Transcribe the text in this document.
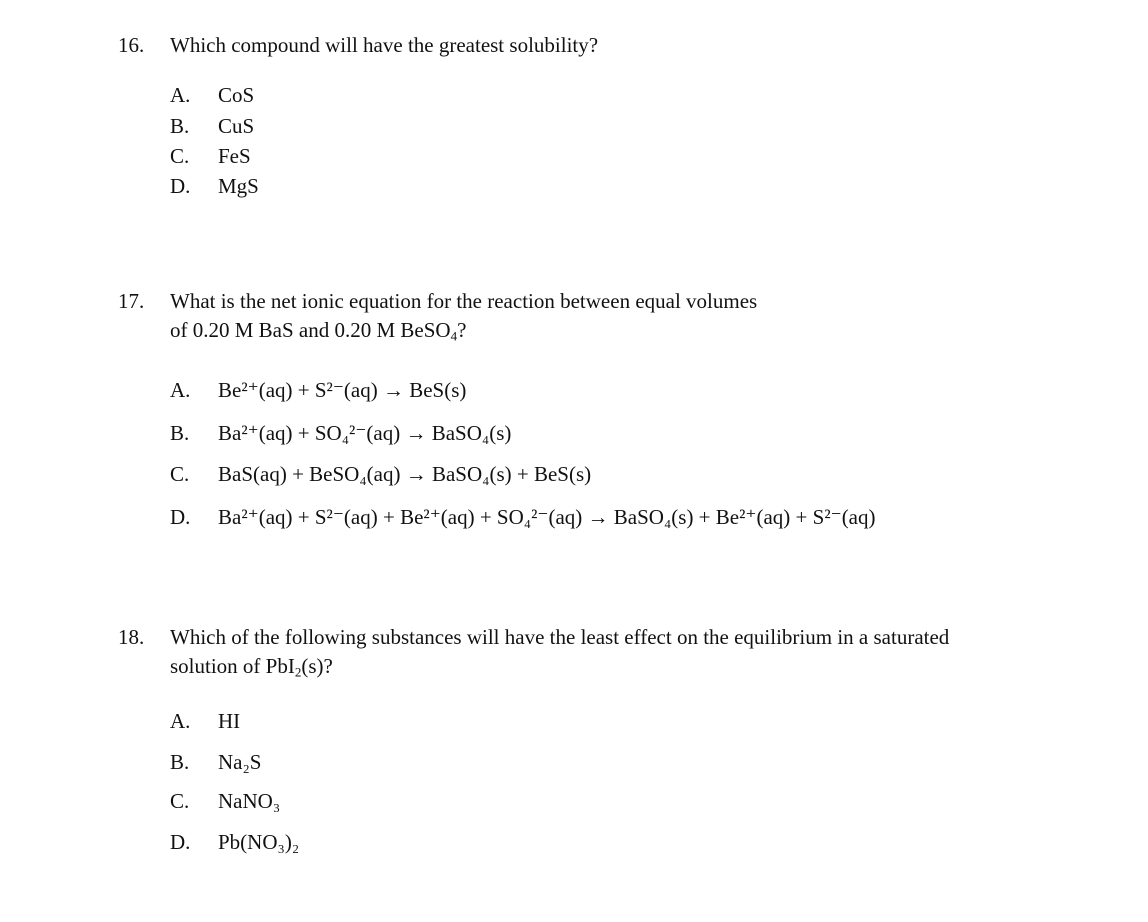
16.	Which compound will have the greatest solubility?
A. CoS
B. CuS
C. FeS
D. MgS
17.	What is the net ionic equation for the reaction between equal volumes
of 0.20 M BaS and 0.20 M BeSO$_4$?
A. Be²⁺(aq) + S²⁻(aq) → BeS(s)
B. Ba²⁺(aq) + SO₄²⁻(aq) → BaSO₄(s)
C. BaS(aq) + BeSO₄(aq) → BaSO₄(s) + BeS(s)
D. Ba²⁺(aq) + S²⁻(aq) + Be²⁺(aq) + SO₄²⁻(aq) → BaSO₄(s) + Be²⁺(aq) + S²⁻(aq)
18.	Which of the following substances will have the least effect on the equilibrium in a saturated
solution of PbI$_2$(s)?
A. HI
B. Na₂S
C. NaNO₃
D. Pb(NO₃)₂
